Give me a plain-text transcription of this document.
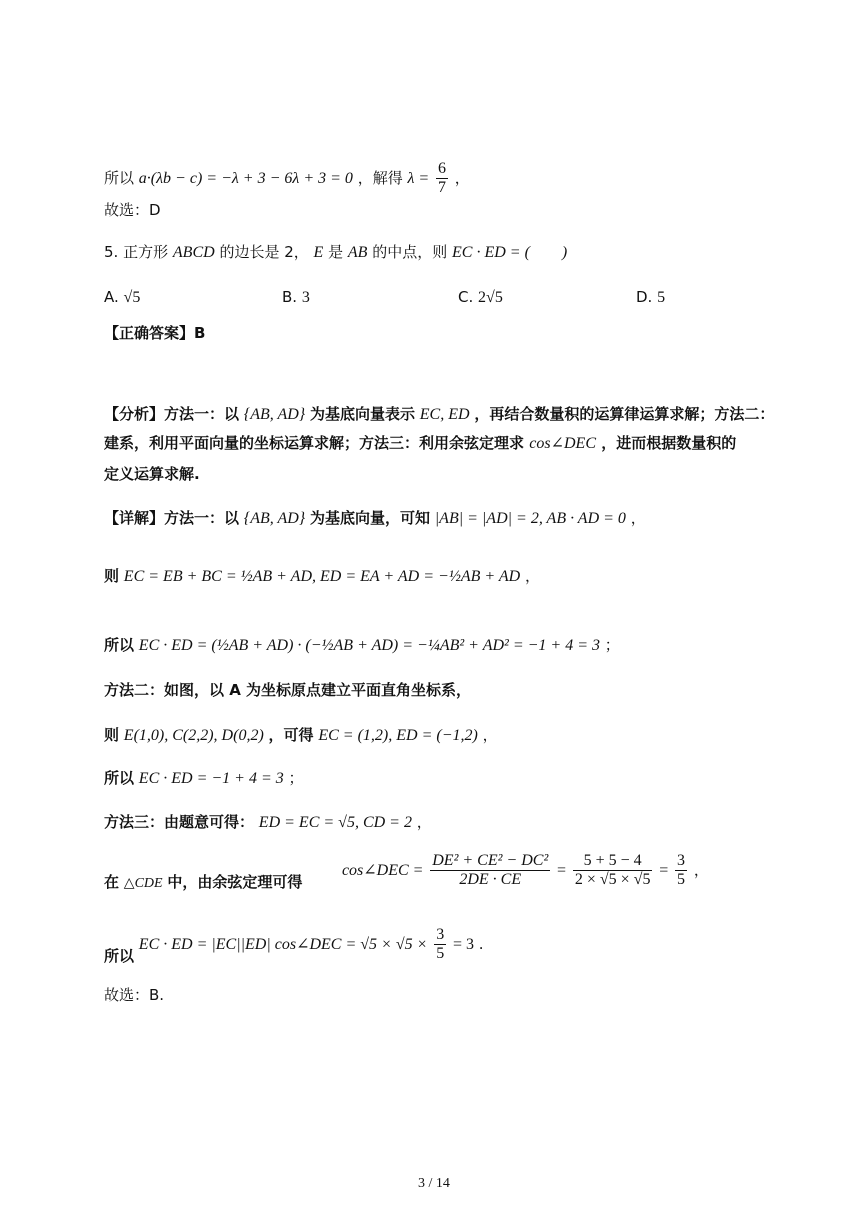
所以 a·(λb − c) = −λ + 3 − 6λ + 3 = 0 ，解得 $\lambda = \frac{6}{7}$ ，
故选：D
5. 正方形 ABCD 的边长是 2， E 是 AB 的中点，则 EC · ED = (　　)
A. √5	B. 3	C. 2√5	D. 5
【正确答案】B
【分析】方法一：以 {AB, AD} 为基底向量表示 EC, ED ，再结合数量积的运算律运算求解；方法二：
建系，利用平面向量的坐标运算求解；方法三：利用余弦定理求 cos∠DEC ，进而根据数量积的
定义运算求解.
【详解】方法一：以 {AB, AD} 为基底向量，可知 |AB| = |AD| = 2, AB · AD = 0 ，
则 EC = EB + BC = ½AB + AD, ED = EA + AD = −½AB + AD ，
所以 EC · ED = (½AB + AD) · (−½AB + AD) = −¼AB² + AD² = −1 + 4 = 3 ；
方法二：如图，以 A 为坐标原点建立平面直角坐标系，
则 E(1,0), C(2,2), D(0,2) ，可得 EC = (1,2), ED = (−1,2) ，
所以 EC · ED = −1 + 4 = 3 ；
方法三：由题意可得： ED = EC = √5, CD = 2 ，
在 △CDE 中，由余弦定理可得  cos∠DEC = $\frac{\text{DE² + CE² − DC²}}{2DE \cdot CE} = \frac{5 + 5 - 4}{2 \times √5 \times √5} = \frac{3}{5}$ ，
所以 EC · ED = |EC||ED| cos∠DEC = $√5 \times √5 \times \frac{3}{5} = 3$ .
故选：B.
3 / 14
